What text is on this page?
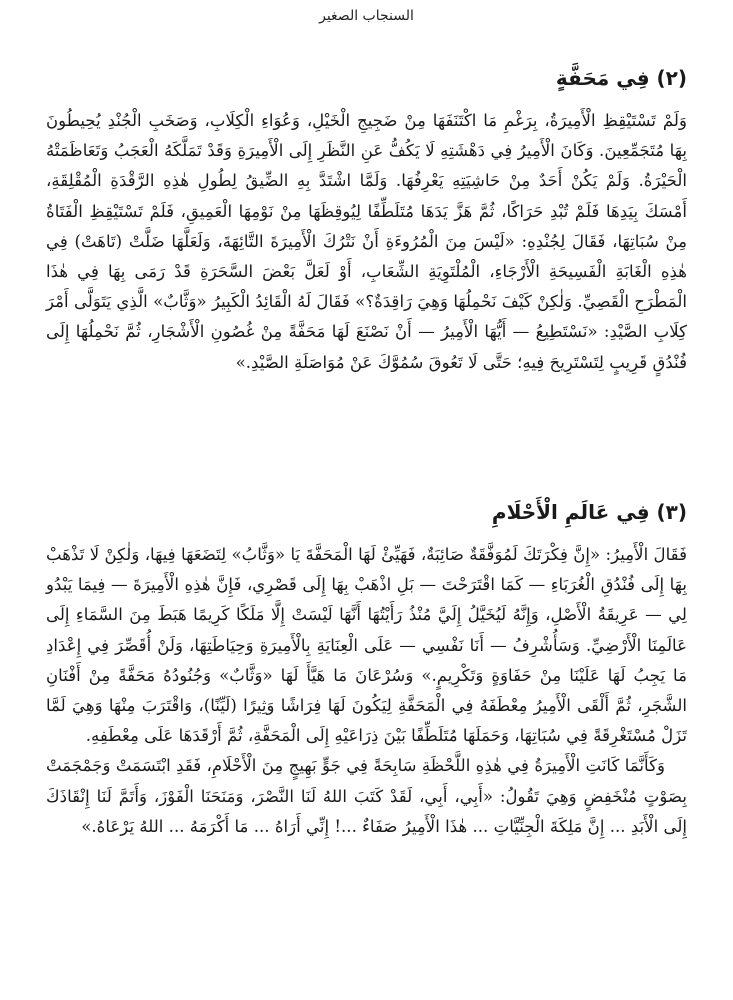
السنجاب الصغير
(٢) فِي مَحَفَّةٍ

وَلَمْ تَسْتَيْقِظِ الْأَمِيرَةُ، بِرَغْمِ مَا اكْتَنَفَهَا مِنْ ضَجِيجِ الْخَيْلِ، وَعُوَاءِ الْكِلَابِ، وَصَخَبِ الْجُنْدِ يُحِيطُونَ بِهَا مُتَجَمِّعِينَ. وَكَانَ الْأَمِيرُ فِي دَهْشَتِهِ لَا يَكُفُّ عَنِ النَّظَرِ إِلَى الْأَمِيرَةِ وَقَدْ تَمَلَّكَهُ الْعَجَبُ وَتَعَاظَمَتْهُ الْحَيْرَةُ. وَلَمْ يَكُنْ أَحَدٌ مِنْ حَاشِيَتِهِ يَعْرِفُهَا. وَلَمَّا اشْتَدَّ بِهِ الضِّيقُ لِطُولِ هٰذِهِ الرَّقْدَةِ الْمُقْلِقَةِ، أَمْسَكَ بِيَدِهَا فَلَمْ تُبْدِ حَرَاكًا، ثُمَّ هَزَّ يَدَهَا مُتَلَطِّفًا لِيُوقِظَهَا مِنْ نَوْمِهَا الْعَمِيقِ، فَلَمْ تَسْتَيْقِظِ الْفَتَاةُ مِنْ سُبَاتِهَا، فَقَالَ لِجُنْدِهِ: «لَيْسَ مِنَ الْمُرُوءَةِ أَنْ نَتْرُكَ الْأَمِيرَةَ التَّائِهَةَ، وَلَعَلَّهَا ضَلَّتْ (تَاهَتْ) فِي هٰذِهِ الْغَابَةِ الْفَسِيحَةِ الْأَرْجَاءِ، الْمُلْتَوِيَةِ الشِّعَابِ، أَوْ لَعَلَّ بَعْضَ السَّحَرَةِ قَدْ رَمَى بِهَا فِي هٰذَا الْمَطْرَحِ الْقَصِيِّ. وَلٰكِنْ كَيْفَ نَحْمِلُهَا وَهِيَ رَاقِدَةٌ؟» فَقَالَ لَهُ الْقَائِدُ الْكَبِيرُ «وَثَّابٌ» الَّذِي يَتَوَلَّى أَمْرَ كِلَابِ الصَّيْدِ: «نَسْتَطِيعُ — أَيُّهَا الْأَمِيرُ — أَنْ نَصْنَعَ لَهَا مَحَفَّةً مِنْ غُصُونِ الْأَشْجَارِ، ثُمَّ نَحْمِلُهَا إِلَى فُنْدُقٍ قَرِيبٍ لِتَسْتَرِيحَ فِيهِ؛ حَتَّى لَا تَعُوقَ سُمُوَّكَ عَنْ مُوَاصَلَةِ الصَّيْدِ.»

(٣) فِي عَالَمِ الْأَحْلَامِ

فَقَالَ الْأَمِيرُ: «إِنَّ فِكْرَتَكَ لَمُوَفَّقَةٌ صَائِبَةٌ، فَهَيِّئْ لَهَا الْمَحَفَّةَ يَا «وَثَّابُ» لِتَضَعَهَا فِيهَا، وَلٰكِنْ لَا تَذْهَبْ بِهَا إِلَى فُنْدُقِ الْغُرَبَاءِ — كَمَا اقْتَرَحْتَ — بَلِ اذْهَبْ بِهَا إِلَى قَصْرِي، فَإِنَّ هٰذِهِ الْأَمِيرَةَ — فِيمَا يَبْدُو لِي — عَرِيقَةُ الْأَصْلِ، وَإِنَّهُ لَيُخَيَّلُ إِلَيَّ مُنْذُ رَأَيْتُهَا أَنَّهَا لَيْسَتْ إِلَّا مَلَكًا كَرِيمًا هَبَطَ مِنَ السَّمَاءِ إِلَى عَالَمِنَا الْأَرْضِيِّ. وَسَأُشْرِفُ — أَنَا نَفْسِي — عَلَى الْعِنَايَةِ بِالْأَمِيرَةِ وَحِيَاطَتِهَا، وَلَنْ أُقَصِّرَ فِي إِعْدَادِ مَا يَجِبُ لَهَا عَلَيْنَا مِنْ حَفَاوَةٍ وَتَكْرِيمٍ.» وَسُرْعَانَ مَا هَيَّأَ لَهَا «وَثَّابٌ» وَجُنُودُهُ مَحَفَّةً مِنْ أَفْنَانِ الشَّجَرِ، ثُمَّ أَلْقَى الْأَمِيرُ مِعْطَفَهُ فِي الْمَحَفَّةِ لِيَكُونَ لَهَا فِرَاشًا وَثِيرًا (لَيِّنًا)، وَاقْتَرَبَ مِنْهَا وَهِيَ لَمَّا تَزَلْ مُسْتَغْرِقَةً فِي سُبَاتِهَا، وَحَمَلَهَا مُتَلَطِّفًا بَيْنَ ذِرَاعَيْهِ إِلَى الْمَحَفَّةِ، ثُمَّ أَرْقَدَهَا عَلَى مِعْطَفِهِ.

وَكَأَنَّمَا كَانَتِ الْأَمِيرَةُ فِي هٰذِهِ اللَّحْظَةِ سَابِحَةً فِي جَوٍّ بَهِيجٍ مِنَ الْأَحْلَامِ، فَقَدِ ابْتَسَمَتْ وَجَمْجَمَتْ بِصَوْتٍ مُنْخَفِضٍ وَهِيَ تَقُولُ: «أَبِي، أَبِي، لَقَدْ كَتَبَ اللهُ لَنَا النَّصْرَ، وَمَنَحَنَا الْفَوْزَ، وَأَتَمَّ لَنَا إِنْقَاذَكَ إِلَى الْأَبَدِ ... إِنَّ مَلِكَةَ الْجِنِّيَّاتِ ... هٰذَا الْأَمِيرُ صَفَاءٌ ...! إِنِّي أَرَاهُ ... مَا أَكْرَمَهُ ... اللهُ يَرْعَاهُ.»
